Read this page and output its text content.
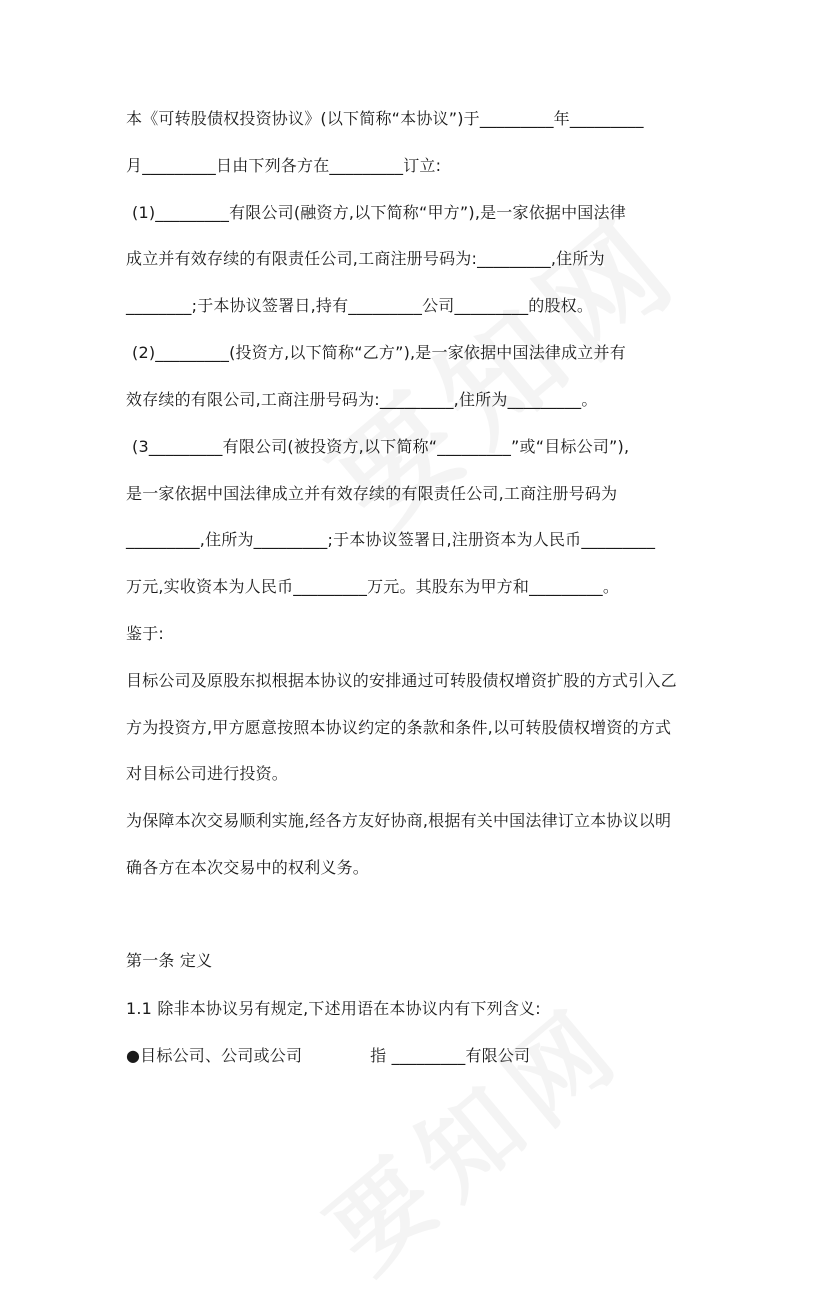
本《可转股债权投资协议》(以下简称“本协议”)于_________年_________
月_________日由下列各方在_________订立:
(1)_________有限公司(融资方,以下简称“甲方”),是一家依据中国法律
成立并有效存续的有限责任公司,工商注册号码为:_________,住所为
________;于本协议签署日,持有_________公司_________的股权。
(2)_________(投资方,以下简称“乙方”),是一家依据中国法律成立并有
效存续的有限公司,工商注册号码为:_________,住所为_________。
(3_________有限公司(被投资方,以下简称“_________”或“目标公司”),
是一家依据中国法律成立并有效存续的有限责任公司,工商注册号码为
_________,住所为_________;于本协议签署日,注册资本为人民币_________
万元,实收资本为人民币_________万元。其股东为甲方和_________。
鉴于:
目标公司及原股东拟根据本协议的安排通过可转股债权增资扩股的方式引入乙
方为投资方,甲方愿意按照本协议约定的条款和条件,以可转股债权增资的方式
对目标公司进行投资。
为保障本次交易顺利实施,经各方友好协商,根据有关中国法律订立本协议以明
确各方在本次交易中的权利义务。
第一条 定义
1.1 除非本协议另有规定,下述用语在本协议内有下列含义:
●目标公司、公司或公司	指 _________有限公司
